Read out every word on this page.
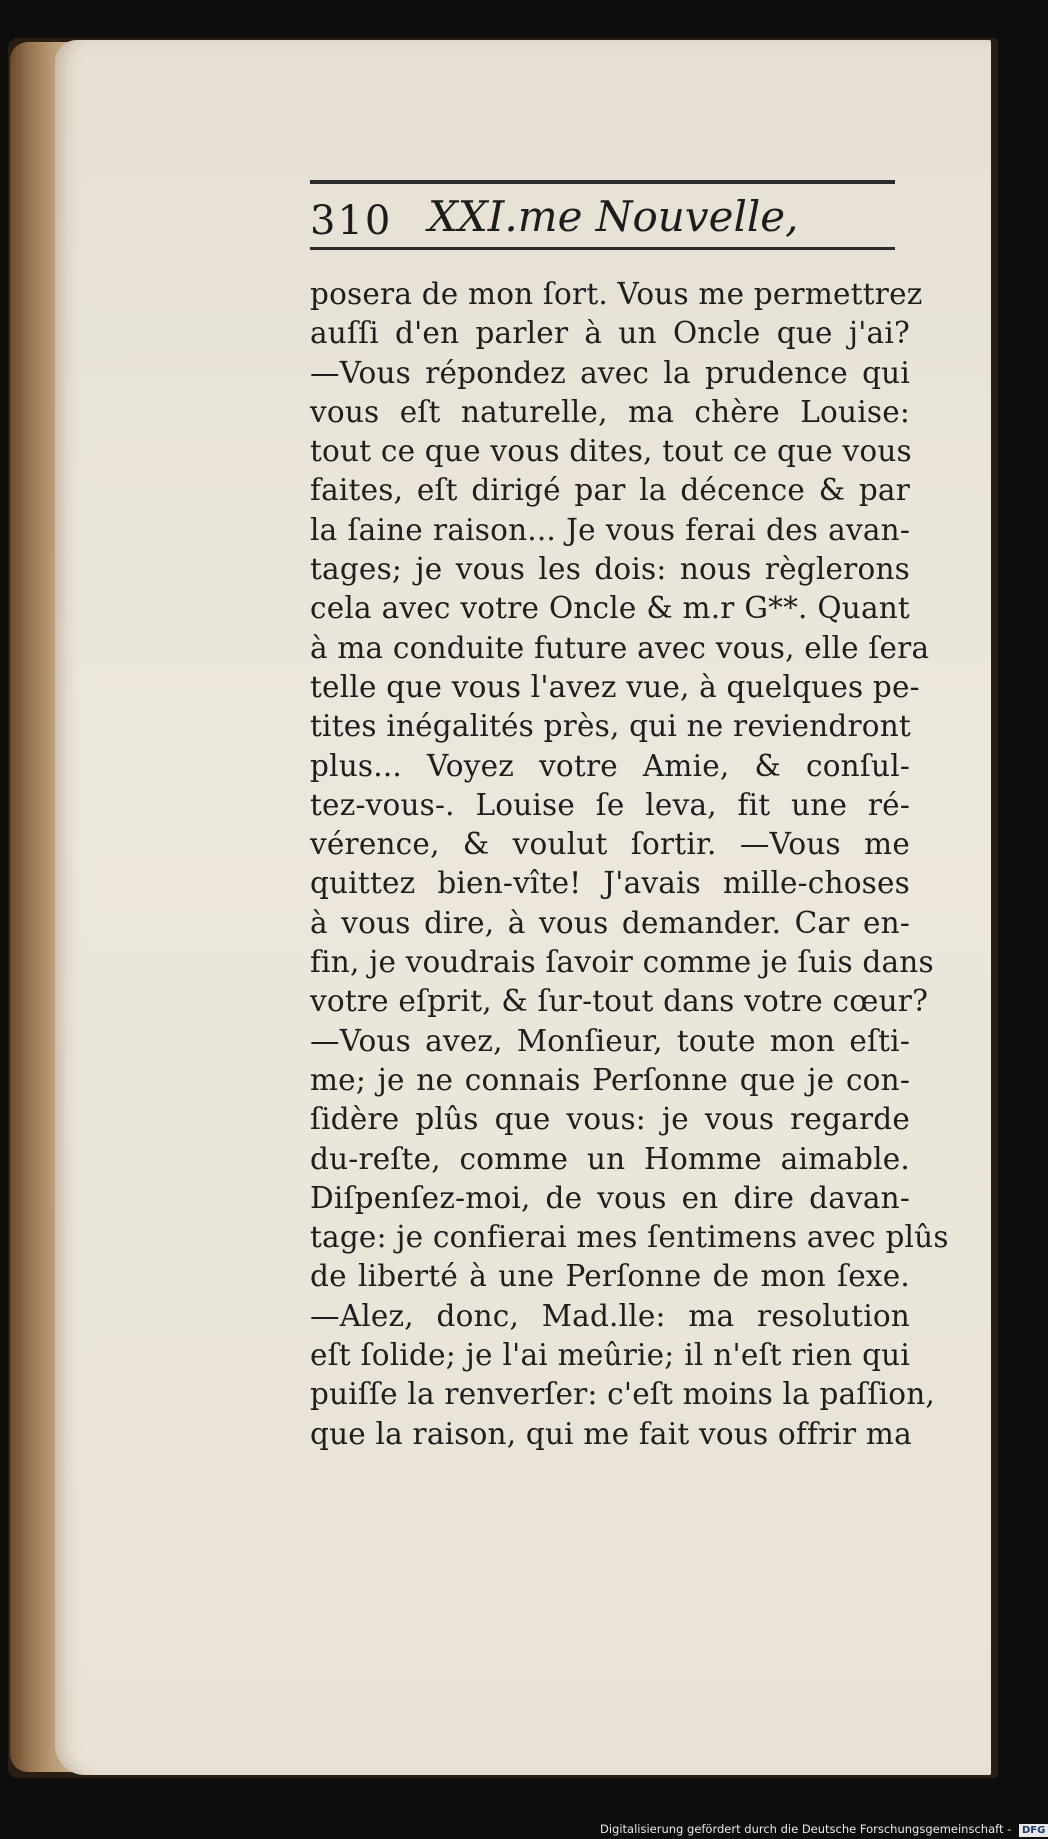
310 XXI.me Nouvelle,
posera de mon ſort. Vous me permettrez
auſſi d'en parler à un Oncle que j'ai?
—Vous répondez avec la prudence qui
vous eſt naturelle, ma chère Louise:
tout ce que vous dites, tout ce que vous
faites, eſt dirigé par la décence & par
la ſaine raison... Je vous ferai des avan-
tages; je vous les dois: nous règlerons
cela avec votre Oncle & m.r G**. Quant
à ma conduite future avec vous, elle ſera
telle que vous l'avez vue, à quelques pe-
tites inégalités près, qui ne reviendront
plus... Voyez votre Amie, & conſul-
tez-vous-. Louise ſe leva, fit une ré-
vérence, & voulut ſortir. —Vous me
quittez bien-vîte! J'avais mille-choses
à vous dire, à vous demander. Car en-
fin, je voudrais ſavoir comme je ſuis dans
votre eſprit, & ſur-tout dans votre cœur?
—Vous avez, Monſieur, toute mon eſti-
me; je ne connais Perſonne que je con-
ſidère plûs que vous: je vous regarde
du-reſte, comme un Homme aimable.
Diſpenſez-moi, de vous en dire davan-
tage: je confierai mes ſentimens avec plûs
de liberté à une Perſonne de mon ſexe.
—Alez, donc, Mad.lle: ma resolution
eſt ſolide; je l'ai meûrie; il n'eſt rien qui
puiſſe la renverſer: c'eſt moins la paſſion,
que la raison, qui me fait vous offrir ma
Digitalisierung gefördert durch die Deutsche Forschungsgemeinschaft - DFG
